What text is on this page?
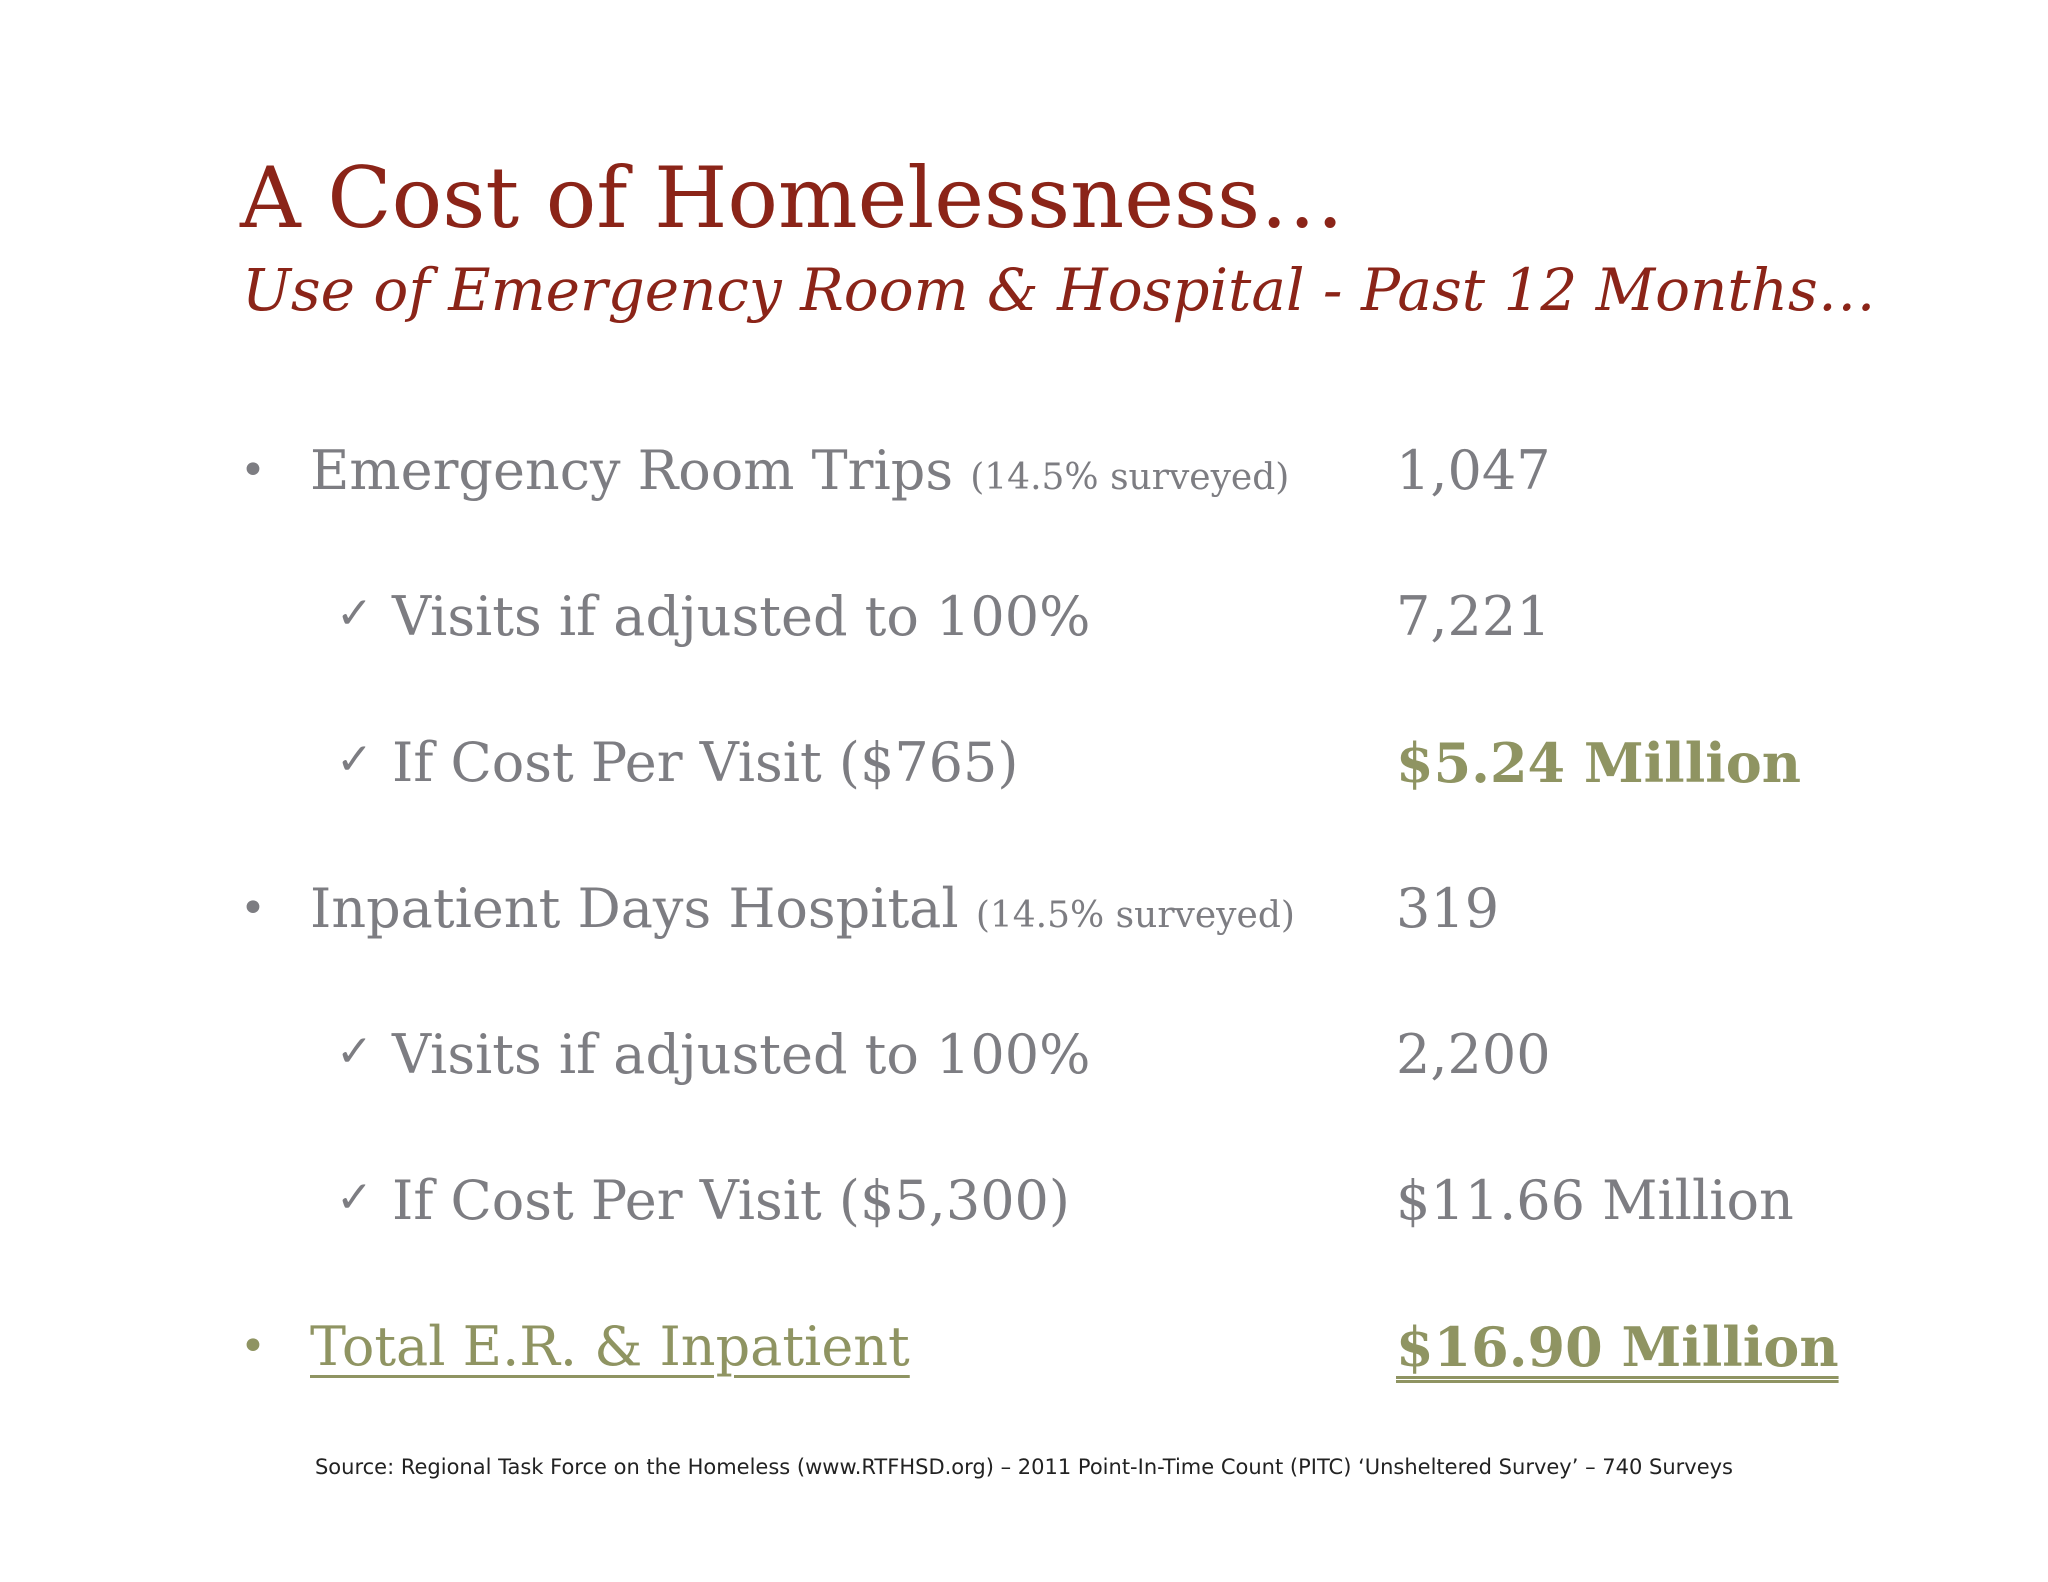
A Cost of Homelessness…
Use of Emergency Room & Hospital - Past 12 Months…
• Emergency Room Trips (14.5% surveyed) 1,047
✓ Visits if adjusted to 100%	7,221
✓ If Cost Per Visit ($765)	$5.24 Million
• Inpatient Days Hospital (14.5% surveyed) 319
✓ Visits if adjusted to 100%	2,200
✓ If Cost Per Visit ($5,300)	$11.66 Million
• Total E.R. & Inpatient	$16.90 Million

Source: Regional Task Force on the Homeless (www.RTFHSD.org) – 2011 Point-In-Time Count (PITC) ‘Unsheltered Survey’ – 740 Surveys
